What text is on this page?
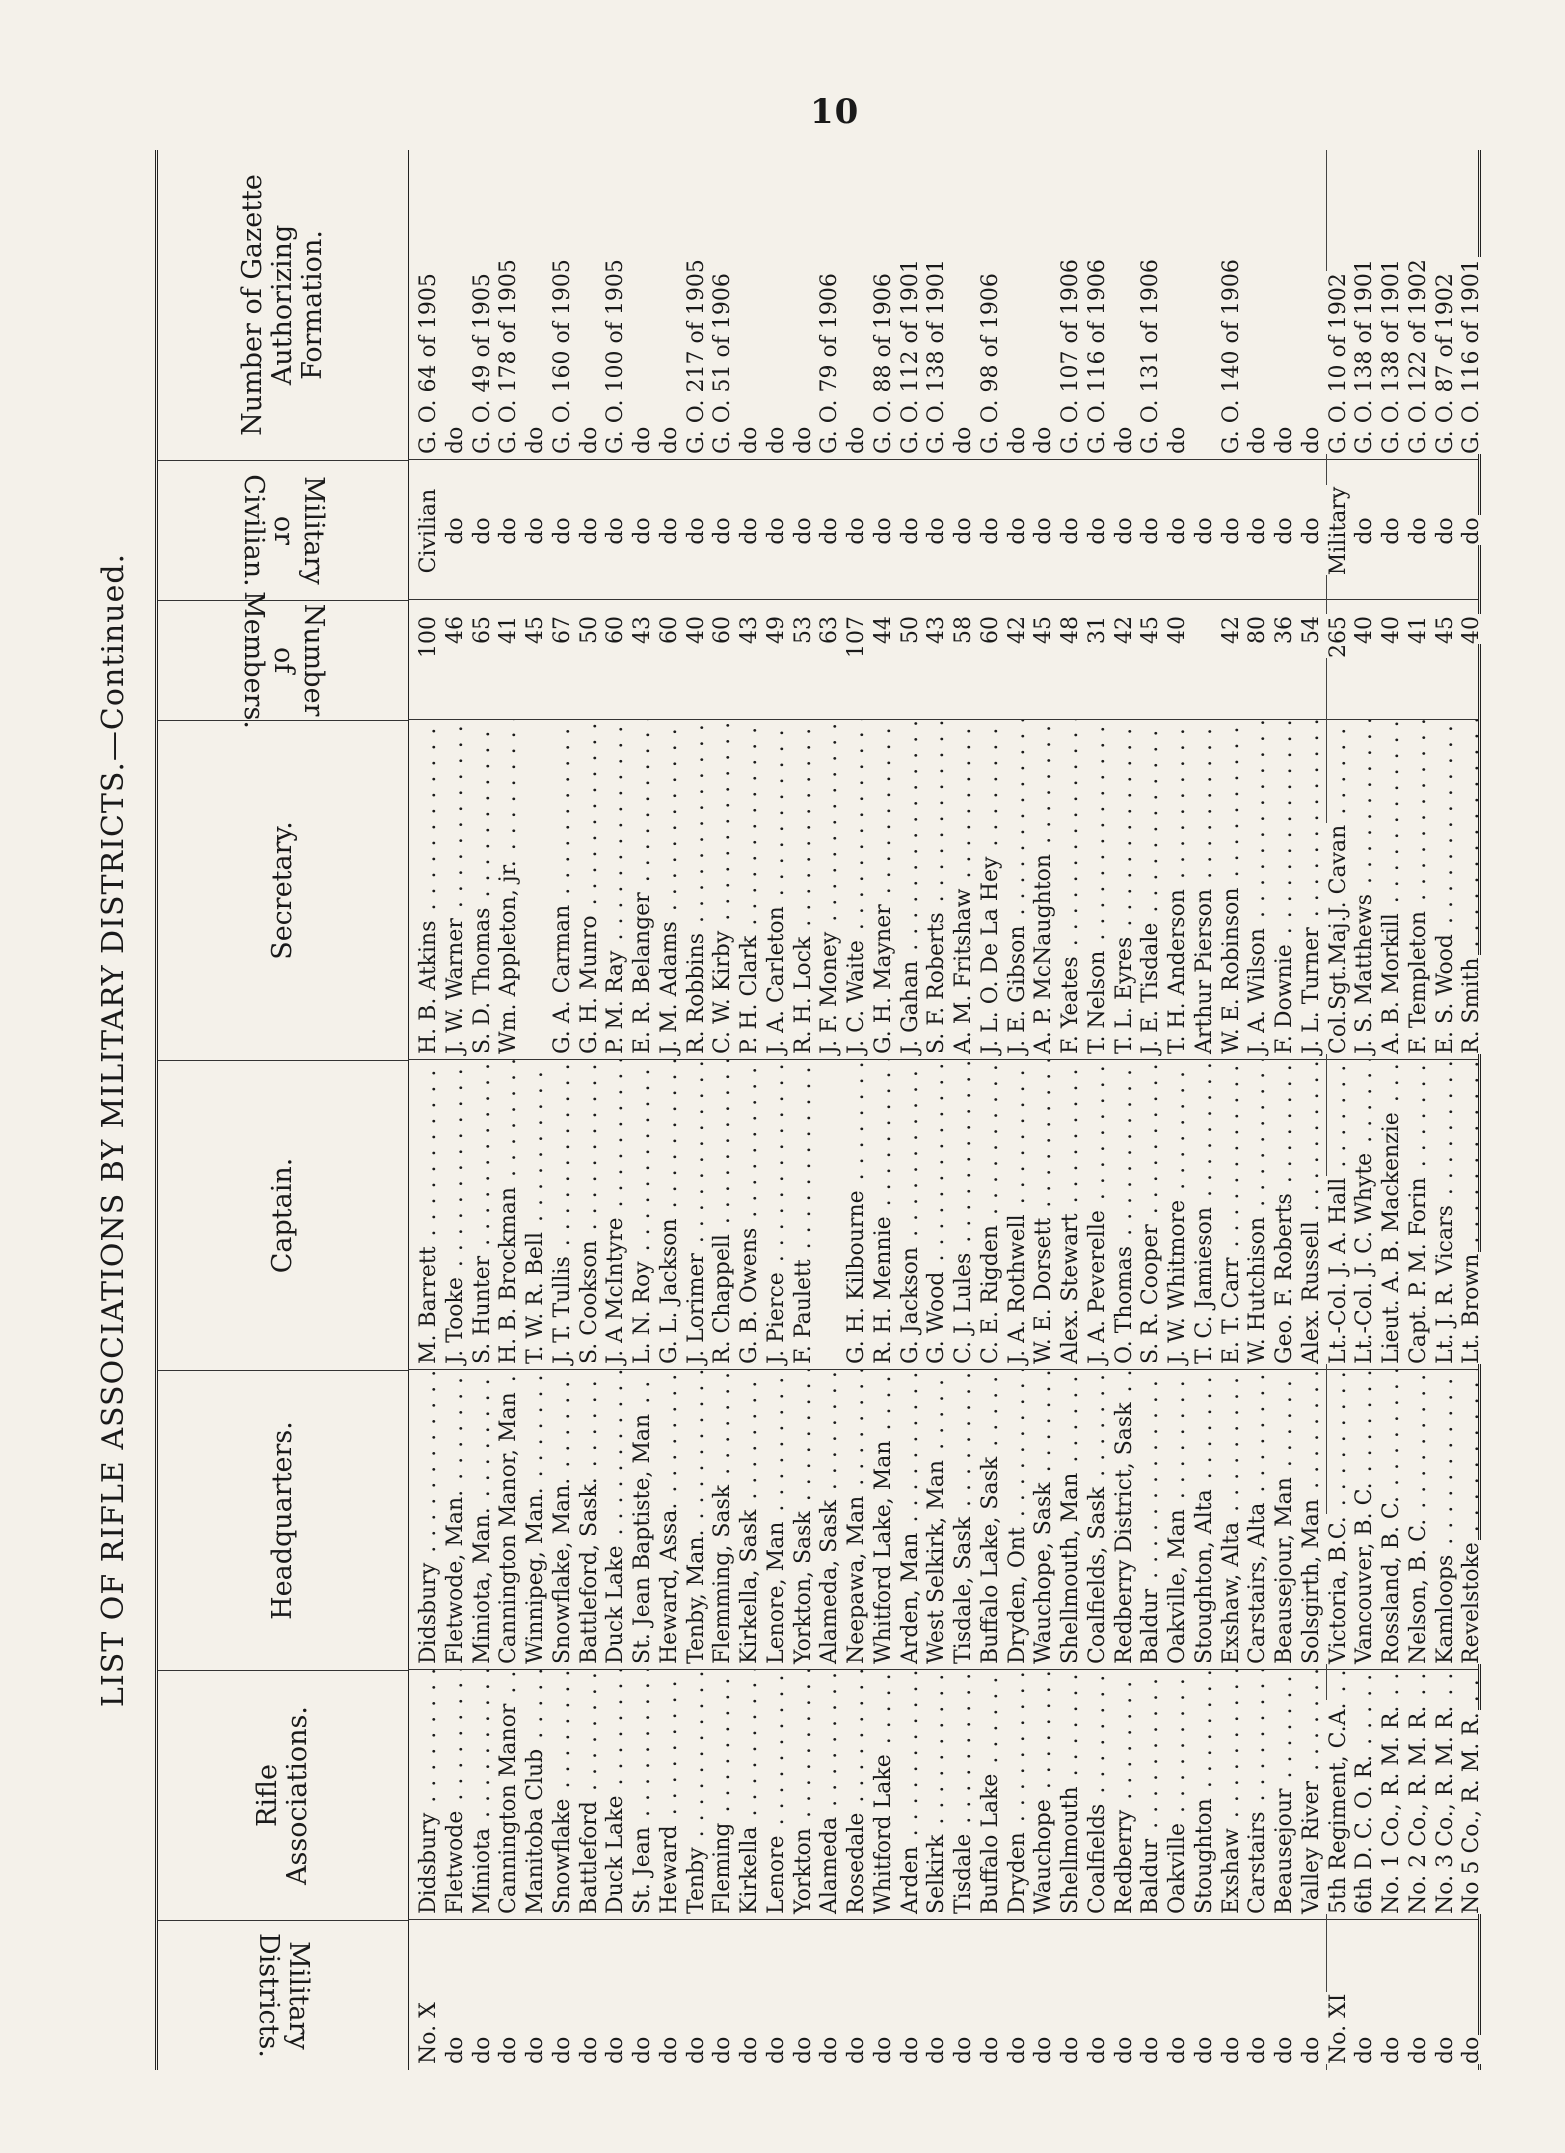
10
LIST OF RIFLE ASSOCIATIONS BY MILITARY DISTRICTS.—Continued.
Military Districts.
Rifle Associations.
Headquarters.
Captain.
Secretary.
Number of Members.
Military or Civilian.
Number of Gazette Authorizing Formation.
No. X
Didsbury . . .
Didsbury . . .
M. Barrett . . .
H. B. Atkins . . .
100
Civilian
G. O. 64 of 1905
do
Fletwode . . .
Fletwode, Man. . . .
J. Tooke . . .
J. W. Warner . . .
46
do
do
do
Miniota . . .
Miniota, Man. . . .
S. Hunter . . .
S. D. Thomas . . .
65
do
G. O. 49 of 1905
do
Cannington Manor . . .
Cannington Manor, Man . . .
H. B. Brockman . . .
Wm. Appleton, jr. . . .
41
do
G. O. 178 of 1905
do
Manitoba Club . . .
Winnipeg, Man. . . .
T. W. R. Bell . . .
45
do
do
do
Snowflake . . .
Snowflake, Man. . . .
J. T. Tullis . . .
G. A. Carman . . .
67
do
G. O. 160 of 1905
do
Battleford . . .
Battleford, Sask. . . .
S. Cookson . . .
G. H. Munro . . .
50
do
do
do
Duck Lake . . .
Duck Lake . . .
J. A McIntyre . . .
P. M. Ray . . .
60
do
G. O. 100 of 1905
do
St. Jean . . .
St. Jean Baptiste, Man . . .
L. N. Roy . . .
E. R. Belanger . . .
43
do
do
do
Heward . . .
Heward, Assa. . . .
G. L. Jackson . . .
J. M. Adams . . .
60
do
do
do
Tenby . . .
Tenby, Man. . . .
J. Lorimer . . .
R. Robbins . . .
40
do
G. O. 217 of 1905
do
Fleming . . .
Flemming, Sask . . .
R. Chappell . . .
C. W. Kirby . . .
60
do
G. O. 51 of 1906
do
Kirkella . . .
Kirkella, Sask . . .
G. B. Owens . . .
P. H. Clark . . .
43
do
do
do
Lenore . . .
Lenore, Man . . .
J. Pierce . . .
J. A. Carleton . . .
49
do
do
do
Yorkton . . .
Yorkton, Sask . . .
F. Paulett . . .
R. H. Lock . . .
53
do
do
do
Alameda . . .
Alameda, Sask . . .
J. F. Money . . .
63
do
G. O. 79 of 1906
do
Rosedale . . .
Neepawa, Man . . .
G. H. Kilbourne . . .
J. C. Waite . . .
107
do
do
do
Whitford Lake . . .
Whitford Lake, Man . . .
R. H. Mennie . . .
G. H. Mayner . . .
44
do
G. O. 88 of 1906
do
Arden . . .
Arden, Man . . .
G. Jackson . . .
J. Gahan . . .
50
do
G. O. 112 of 1901
do
Selkirk . . .
West Selkirk, Man . . .
G. Wood . . .
S. F. Roberts . . .
43
do
G. O. 138 of 1901
do
Tisdale . . .
Tisdale, Sask . . .
C. J. Lules . . .
A. M. Fritshaw . . .
58
do
do
do
Buffalo Lake . . .
Buffalo Lake, Sask . . .
C. E. Rigden . . .
J. L. O. De La Hey . . .
60
do
G. O. 98 of 1906
do
Dryden . . .
Dryden, Ont . . .
J. A. Rothwell . . .
J. E. Gibson . . .
42
do
do
do
Wauchope . . .
Wauchope, Sask . . .
W. E. Dorsett . . .
A. P. McNaughton . . .
45
do
do
do
Shellmouth . . .
Shellmouth, Man . . .
Alex. Stewart . . .
F. Yeates . . .
48
do
G. O. 107 of 1906
do
Coalfields . . .
Coalfields, Sask . . .
J. A. Peverelle . . .
T. Nelson . . .
31
do
G. O. 116 of 1906
do
Redberry . . .
Redberry District, Sask . . .
O. Thomas . . .
T. L. Eyres . . .
42
do
do
do
Baldur . . .
Baldur . . .
S. R. Cooper . . .
J. E. Tisdale . . .
45
do
G. O. 131 of 1906
do
Oakville . . .
Oakville, Man . . .
J. W. Whitmore . . .
T. H. Anderson . . .
40
do
do
do
Stoughton . . .
Stoughton, Alta . . .
T. C. Jamieson . . .
Arthur Pierson . . .
do
do
Exshaw . . .
Exshaw, Alta . . .
E. T. Carr . . .
W. E. Robinson . . .
42
do
G. O. 140 of 1906
do
Carstairs . . .
Carstairs, Alta . . .
W. Hutchison . . .
J. A. Wilson . . .
80
do
do
do
Beausejour . . .
Beausejour, Man . . .
Geo. F. Roberts . . .
F. Downie . . .
36
do
do
do
Valley River . . .
Solsgirth, Man . . .
Alex. Russell . . .
J. L. Turner . . .
54
do
do
No. XI
5th Regiment, C.A. . . .
Victoria, B.C. . . .
Lt.-Col. J. A. Hall . . .
Col.Sgt.Maj.J. Cavan . . .
265
Military
G. O. 10 of 1902
do
6th D. C. O. R. . . .
Vancouver, B. C. . . .
Lt.-Col. J. C. Whyte . . .
J. S. Matthews . . .
40
do
G. O. 138 of 1901
do
No. 1 Co., R. M. R. . . .
Rossland, B. C. . . .
Lieut. A. B. Mackenzie . . .
A. B. Morkill . . .
40
do
G. O. 138 of 1901
do
No. 2 Co., R. M. R. . . .
Nelson, B. C. . . .
Capt. P. M. Forin . . .
F. Templeton . . .
41
do
G. O. 122 of 1902
do
No. 3 Co., R. M. R. . . .
Kamloops . . .
Lt. J. R. Vicars . . .
E. S. Wood . . .
45
do
G. O. 87 of 1902
do
No 5 Co., R. M. R. . . .
Revelstoke . . .
Lt. Brown . . .
R. Smith . . .
40
do
G. O. 116 of 1901
